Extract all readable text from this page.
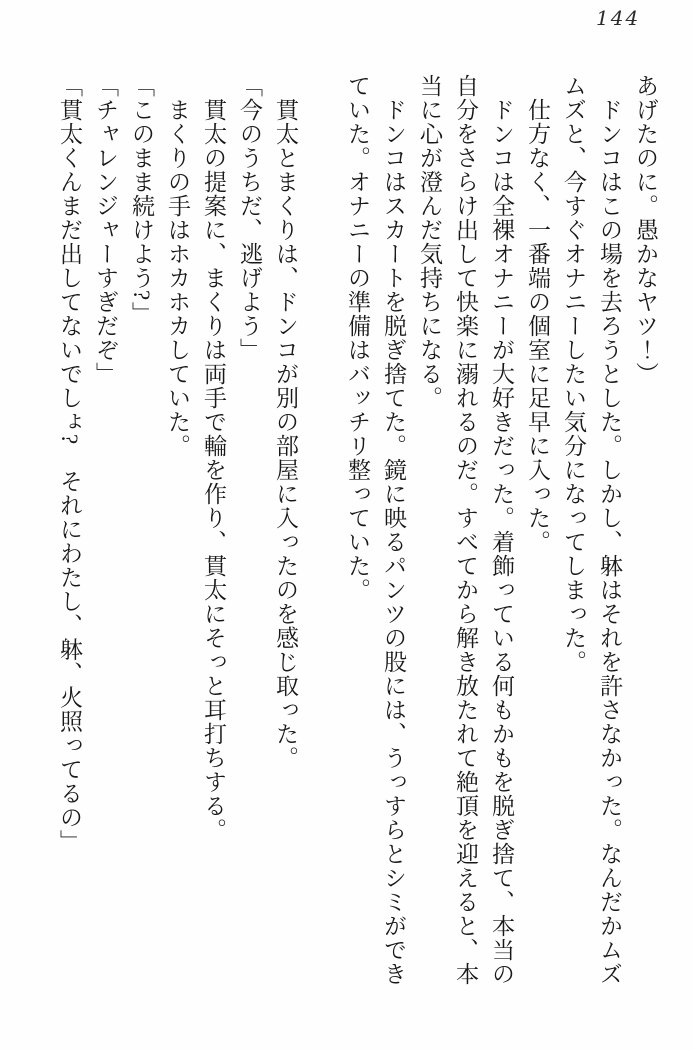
144

あげたのに。愚かなヤツ！）

　ドンコはこの場を去ろうとした。しかし、躰はそれを許さなかった。なんだかムズ

ムズと、今すぐオナニーしたい気分になってしまった。

　仕方なく、一番端の個室に足早に入った。

　ドンコは全裸オナニーが大好きだった。着飾っている何もかもを脱ぎ捨て、本当の

自分をさらけ出して快楽に溺れるのだ。すべてから解き放たれて絶頂を迎えると、本

当に心が澄んだ気持ちになる。

　ドンコはスカートを脱ぎ捨てた。鏡に映るパンツの股には、うっすらとシミができ

ていた。オナニーの準備はバッチリ整っていた。

　貫太とまくりは、ドンコが別の部屋に入ったのを感じ取った。

「今のうちだ、逃げよう」

　貫太の提案に、まくりは両手で輪を作り、貫太にそっと耳打ちする。

　まくりの手はホカホカしていた。

「このまま続けよう?」

「チャレンジャーすぎだぞ」

「貫太くんまだ出してないでしょ?　それにわたし、躰、火照ってるの」
